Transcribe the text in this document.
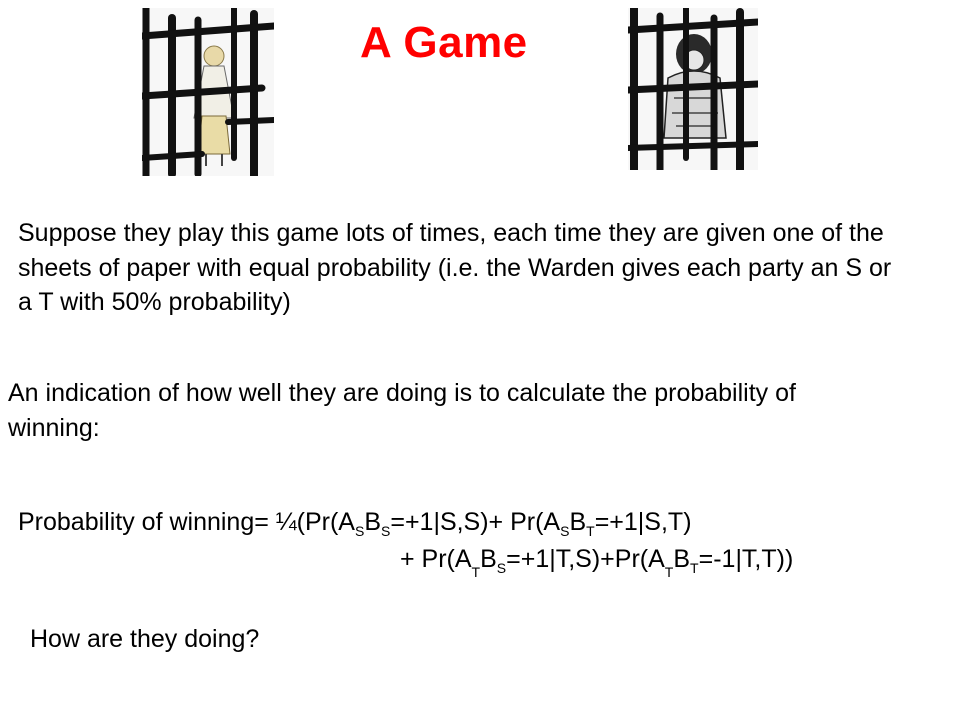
A Game

Suppose they play this game lots of times, each time they are given one of the sheets of paper with equal probability (i.e. the Warden gives each party an S or a T with 50% probability)

An indication of how well they are doing is to calculate the probability of winning:

Probability of winning= $\frac{1}{4}(Pr(A_SB_S=+1|S,S)+ Pr(A_SB_T=+1|S,T)$
+ $Pr(A_TB_S=+1|T,S)+Pr(A_TB_T=-1|T,T)$)
How are they doing?
